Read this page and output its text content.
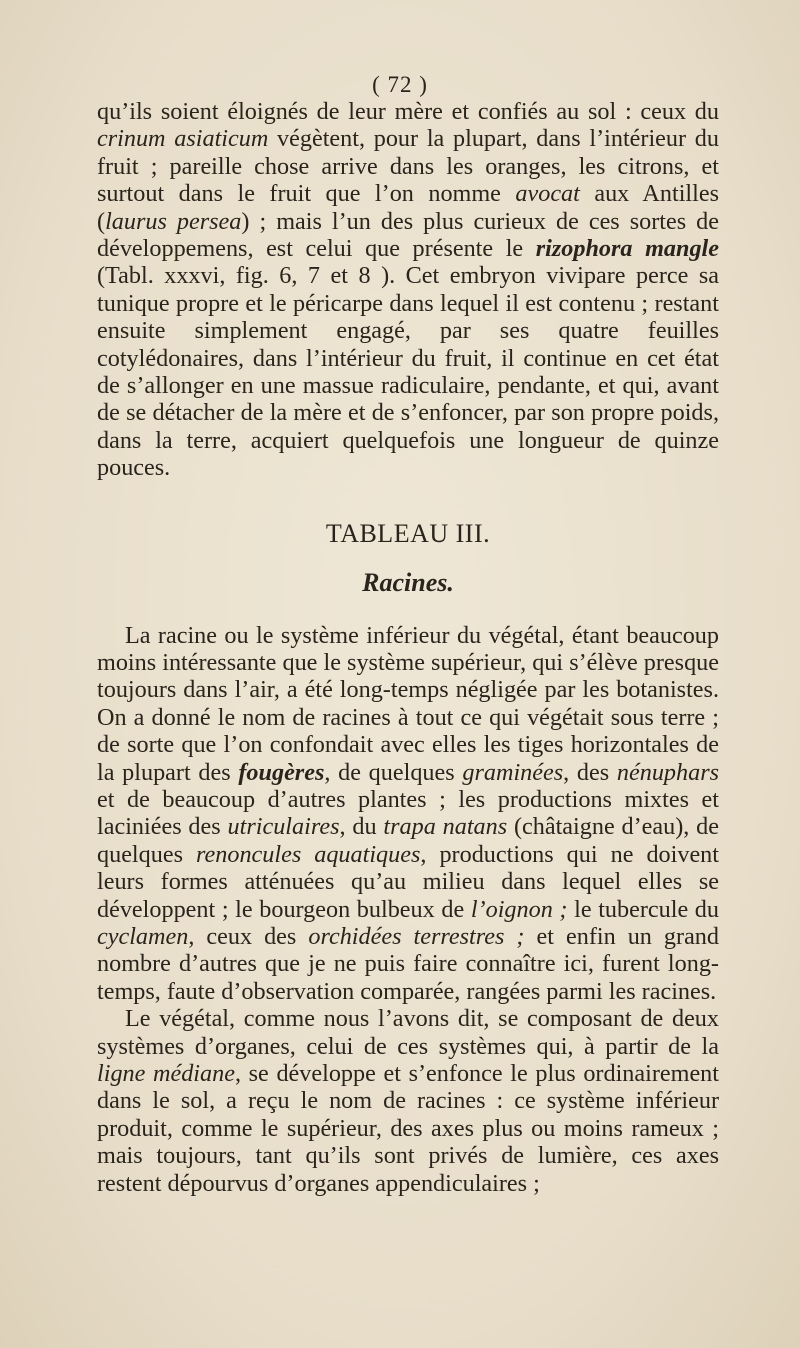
( 72 )

qu’ils soient éloignés de leur mère et confiés au sol : ceux du crinum asiaticum végètent, pour la plupart, dans l’intérieur du fruit ; pareille chose arrive dans les oranges, les citrons, et surtout dans le fruit que l’on nomme avocat aux Antilles (laurus persea) ; mais l’un des plus curieux de ces sortes de développemens, est celui que présente le rizophora mangle (Tabl. xxxvi, fig. 6, 7 et 8 ). Cet embryon vivipare perce sa tunique propre et le péricarpe dans lequel il est contenu ; restant ensuite simplement engagé, par ses quatre feuilles cotylédonaires, dans l’intérieur du fruit, il continue en cet état de s’allonger en une massue radiculaire, pendante, et qui, avant de se détacher de la mère et de s’enfoncer, par son propre poids, dans la terre, acquiert quelquefois une longueur de quinze pouces.

TABLEAU III.
Racines.

La racine ou le système inférieur du végétal, étant beaucoup moins intéressante que le système supérieur, qui s’élève presque toujours dans l’air, a été long-temps négligée par les botanistes. On a donné le nom de racines à tout ce qui végétait sous terre ; de sorte que l’on confondait avec elles les tiges horizontales de la plupart des fougères, de quelques graminées, des nénuphars et de beaucoup d’autres plantes ; les productions mixtes et laciniées des utriculaires, du trapa natans (châtaigne d’eau), de quelques renoncules aquatiques, productions qui ne doivent leurs formes atténuées qu’au milieu dans lequel elles se développent ; le bourgeon bulbeux de l’oignon ; le tubercule du cyclamen, ceux des orchidées terrestres ; et enfin un grand nombre d’autres que je ne puis faire connaître ici, furent long-temps, faute d’observation comparée, rangées parmi les racines.

Le végétal, comme nous l’avons dit, se composant de deux systèmes d’organes, celui de ces systèmes qui, à partir de la ligne médiane, se développe et s’enfonce le plus ordinairement dans le sol, a reçu le nom de racines : ce système inférieur produit, comme le supérieur, des axes plus ou moins rameux ; mais toujours, tant qu’ils sont privés de lumière, ces axes restent dépourvus d’organes appendiculaires ;
